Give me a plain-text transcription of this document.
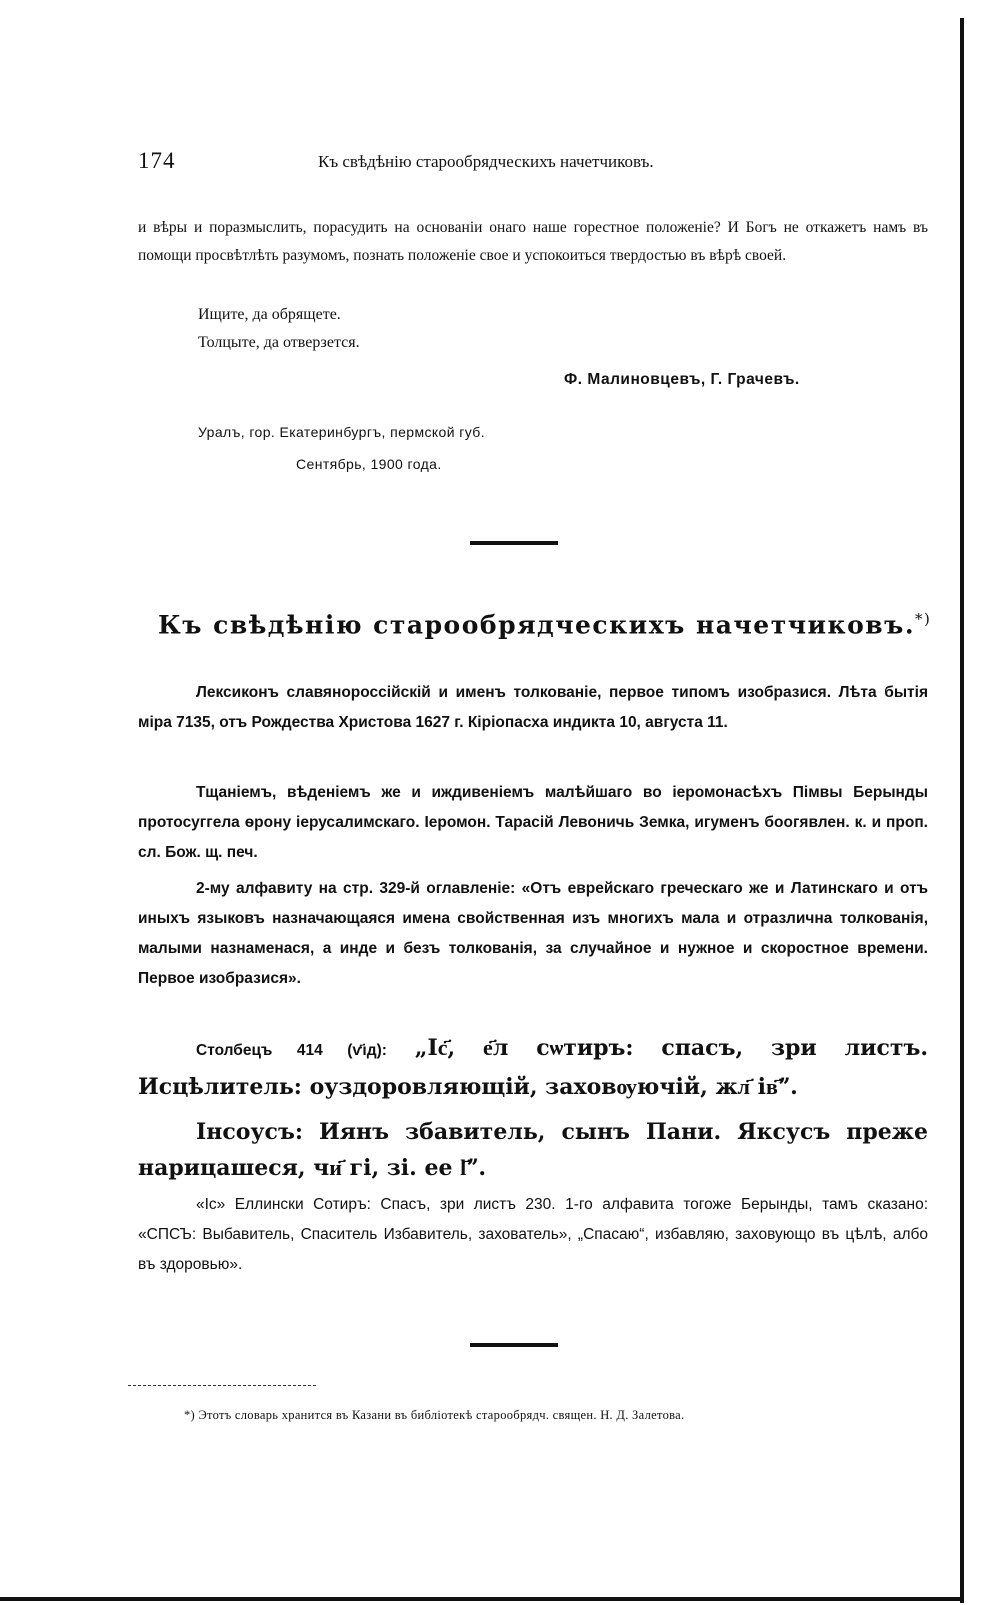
174	Къ свѣдѣнію старообрядческихъ начетчиковъ.
и вѣры и поразмыслить, порасудить на основаніи онаго наше горестное положеніе? И Богъ не откажетъ намъ въ помощи просвѣтлѣть разумомъ, познать положеніе свое и успокоиться твердостью въ вѣрѣ своей.
Ищите, да обрящете.
Толцыте, да отверзется.
Ф. Малиновцевъ, Г. Грачевъ.
Уралъ, гор. Екатеринбургъ, пермской губ.
Сентябрь, 1900 года.
Къ свѣдѣнію старообрядческихъ начетчиковъ.*)
Лексиконъ славянороссійскій и именъ толкованіе, первое типомъ изобразися. Лѣта бытія міра 7135, отъ Рождества Христова 1627 г. Кіріопасха индикта 10, августа 11.
Тщаніемъ, вѣденіемъ же и иждивеніемъ малѣйшаго во іеромонасѣхъ Пімвы Берынды протосуггела ѳрону іерусалимскаго. Іеромон. Тарасій Левоничь Земка, игуменъ боогявлен. к. и проп. сл. Бож. щ. печ.
2-му алфавиту на стр. 329-й оглавленіе: «Отъ еврейскаго греческаго же и Латинскаго и отъ иныхъ языковъ назначающаяся имена свойственная изъ многихъ мала и отразлична толкованія, малыми назнаменася, а инде и безъ толкованія, за случайное и нужное и скоростное времени. Первое изобразися».
Столбецъ 414 (ѵ҃ıд): „Іс҃, е҃л сѡтиръ: спасъ, зри листъ. Исцѣлитель: оуздоровляющій, заховѹючій, жл҃ ів҃ˮ.
Інсоусъ: Иянъ збавитель, сынъ Пани. Яксусъ преже нарицашеся, чи҃ гі, зі. ее ӏ҃ˮ.
«Іс» Еллински Сотиръ: Спасъ, зри листъ 230. 1-го алфавита тогоже Берынды, тамъ сказано: «СПСЪ: Выбавитель, Спаситель Избавитель, захователь», „Спасаю“, избавляю, заховующо въ цѣлѣ, албо въ здоровью».
*) Этотъ словарь хранится въ Казани въ библіотекѣ старообрядч. священ. Н. Д. Залетова.
